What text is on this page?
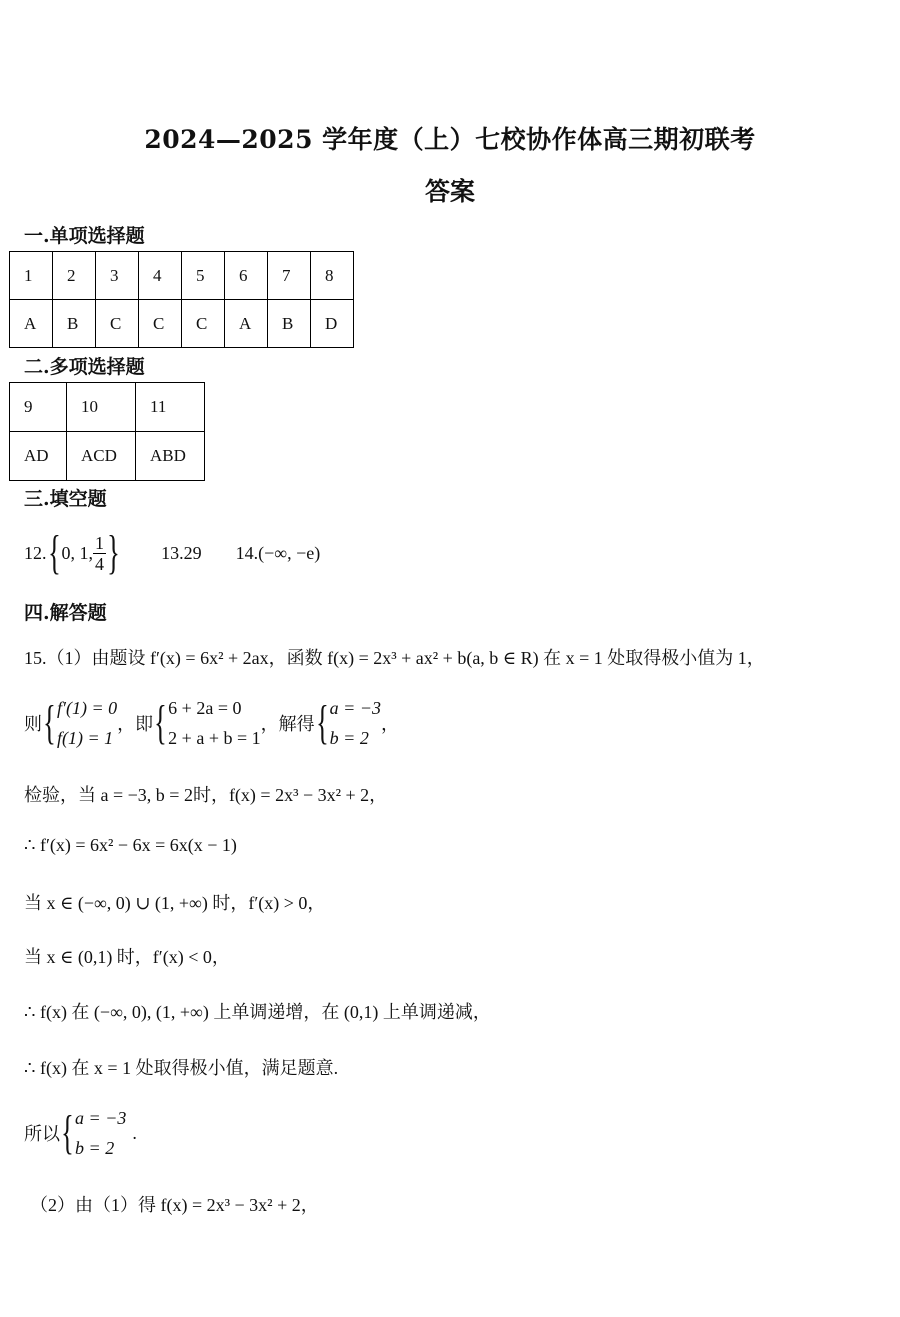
2024—2025 学年度（上）七校协作体高三期初联考
答案
一.单项选择题
1	2	3	4	5	6	7	8
A	B	C	C	C	A	B	D
二.多项选择题
9	10	11
AD	ACD	ABD
三.填空题
12. { 0, 1, $\frac{1}{4}$ } 13.29 14.(−∞, −e)
四.解答题
15.（1）由题设 f′(x) = 6x² + 2ax，函数 f(x) = 2x³ + ax² + b(a, b ∈ R) 在 x = 1 处取得极小值为 1，
则 { f′(1) = 0
f(1) = 1
，即 { 6 + 2a = 0
2 + a + b = 1
，解得 { a = −3
b = 2
，
检验，当 a = −3, b = 2时，f(x) = 2x³ − 3x² + 2，
∴ f′(x) = 6x² − 6x = 6x(x − 1)
当 x ∈ (−∞, 0) ∪ (1, +∞) 时，f′(x) > 0，
当 x ∈ (0,1) 时，f′(x) < 0，
∴ f(x) 在 (−∞, 0), (1, +∞) 上单调递增，在 (0,1) 上单调递减，
∴ f(x) 在 x = 1 处取得极小值，满足题意.
所以 { a = −3
b = 2
.
（2）由（1）得 f(x) = 2x³ − 3x² + 2，
